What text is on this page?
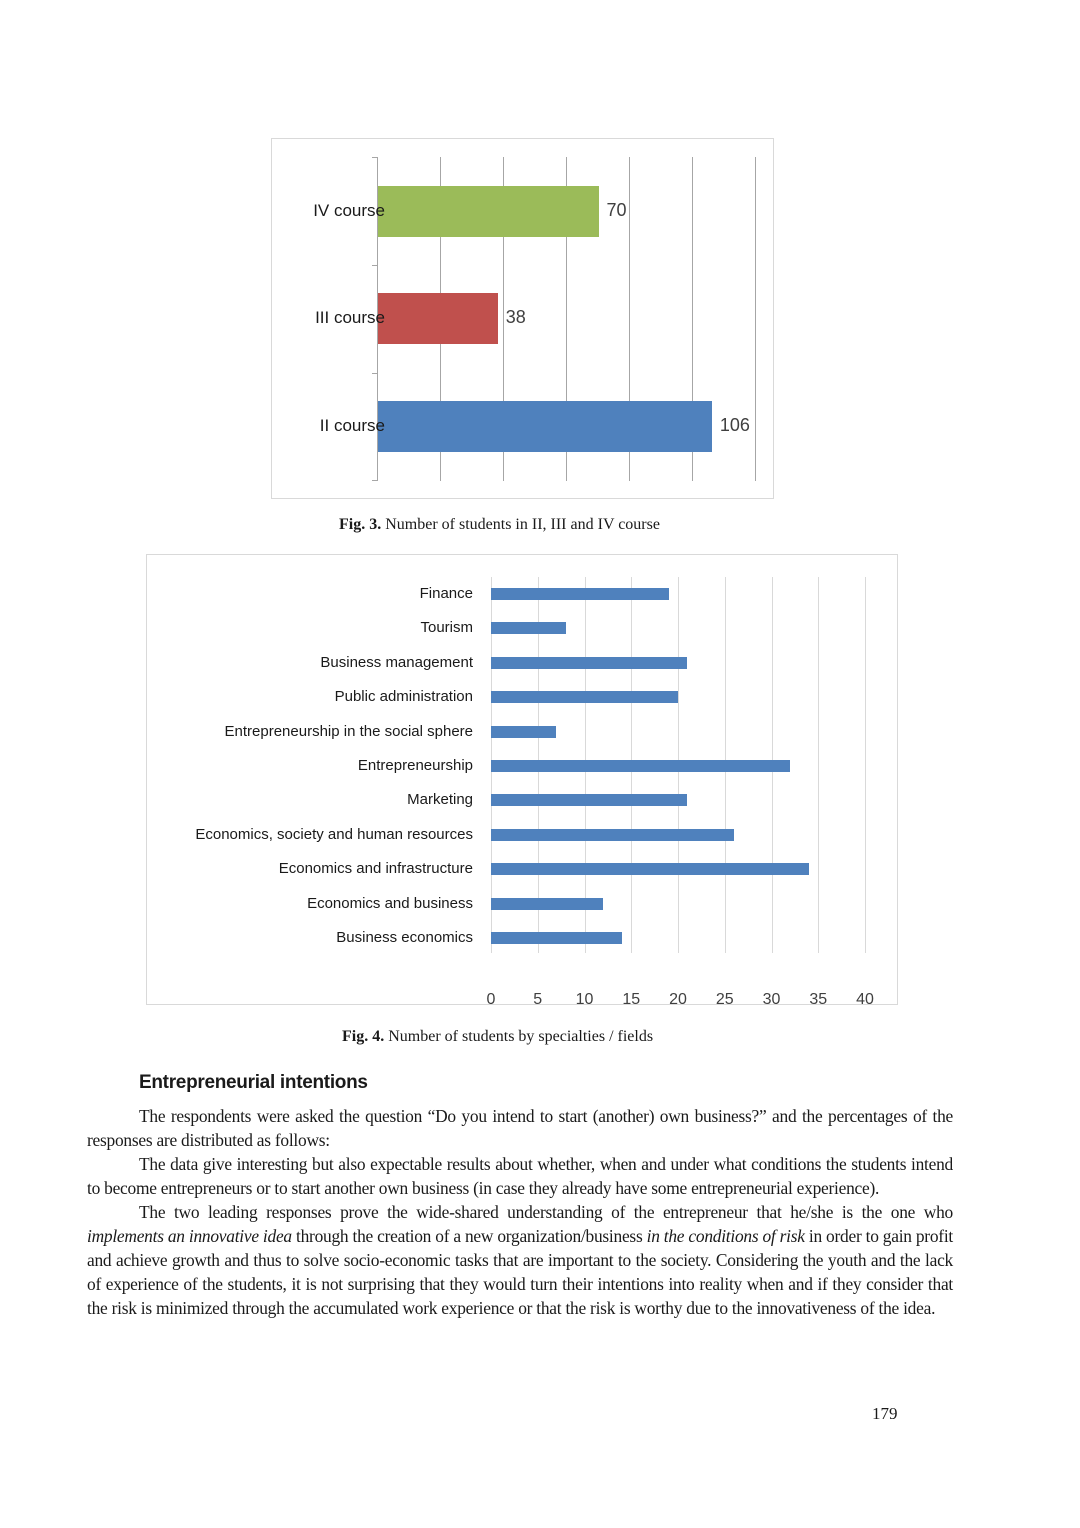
70
38
106
IV course
III course
II course
Fig. 3. Number of students in II, III and IV course
0	5	10	15	20	25	30	35	40
Finance
Tourism
Business management
Public administration
Entrepreneurship in the social sphere
Entrepreneurship
Marketing
Economics, society and human resources
Economics and infrastructure
Economics and business
Business economics
Fig. 4. Number of students by specialties / fields
Entrepreneurial intentions

The respondents were asked the question “Do you intend to start (another) own business?” and the percentages of the responses are distributed as follows:

The data give interesting but also expectable results about whether, when and under what conditions the students intend to become entrepreneurs or to start another own business (in case they already have some entrepreneurial experience).

The two leading responses prove the wide-shared understanding of the entrepreneur that he/she is the one who implements an innovative idea through the creation of a new organization/business in the conditions of risk in order to gain profit and achieve growth and thus to solve socio-economic tasks that are important to the society. Considering the youth and the lack of experience of the students, it is not surprising that they would turn their intentions into reality when and if they consider that the risk is minimized through the accumulated work experience or that the risk is worthy due to the innovativeness of the idea.

179
